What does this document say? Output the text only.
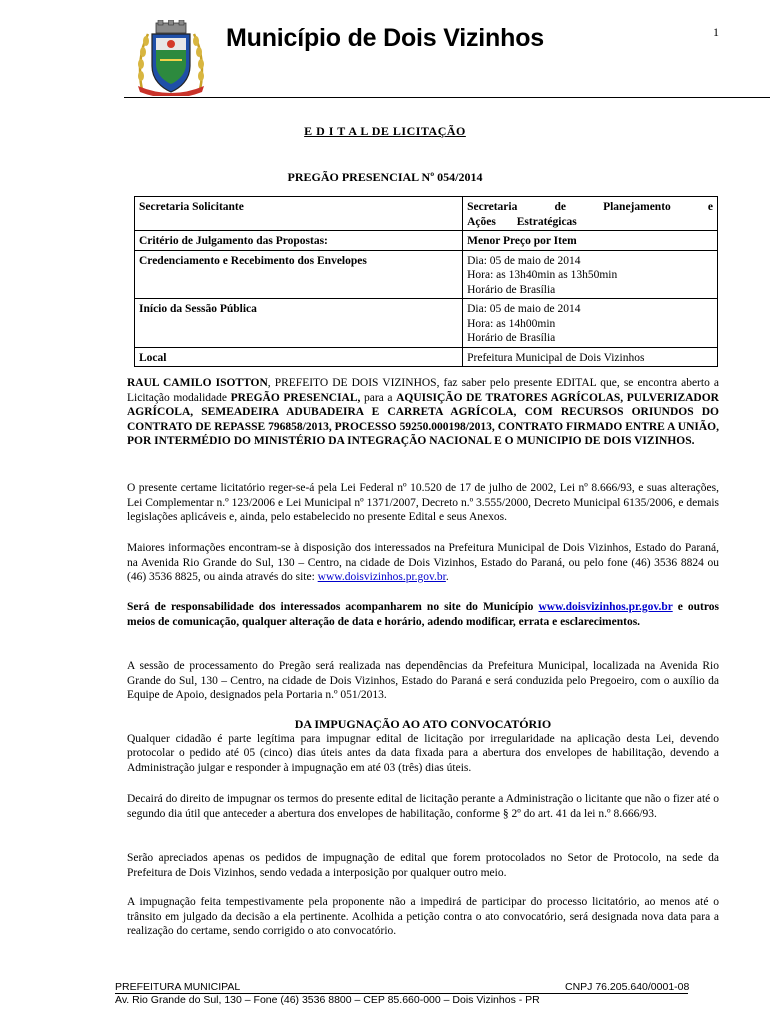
Município de Dois Vizinhos	1
E D I T A L DE LICITAÇÃO
PREGÃO PRESENCIAL Nº 054/2014
Secretaria Solicitante	Secretaria de Planejamento e Ações Estratégicas
Critério de Julgamento das Propostas:	Menor Preço por Item
Credenciamento e Recebimento dos Envelopes	Dia: 05 de maio de 2014
Hora: as 13h40min as 13h50min
Horário de Brasília

Início da Sessão Pública	Dia: 05 de maio de 2014
Hora: as 14h00min
Horário de Brasília

Local	Prefeitura Municipal de Dois Vizinhos

RAUL CAMILO ISOTTON, PREFEITO DE DOIS VIZINHOS, faz saber pelo presente EDITAL que, se encontra aberto a Licitação modalidade PREGÃO PRESENCIAL, para a AQUISIÇÃO DE TRATORES AGRÍCOLAS, PULVERIZADOR AGRÍCOLA, SEMEADEIRA ADUBADEIRA E CARRETA AGRÍCOLA, COM RECURSOS ORIUNDOS DO CONTRATO DE REPASSE 796858/2013, PROCESSO 59250.000198/2013, CONTRATO FIRMADO ENTRE A UNIÃO, POR INTERMÉDIO DO MINISTÉRIO DA INTEGRAÇÃO NACIONAL E O MUNICIPIO DE DOIS VIZINHOS.

O presente certame licitatório reger-se-á pela Lei Federal nº 10.520 de 17 de julho de 2002, Lei nº 8.666/93, e suas alterações, Lei Complementar n.º 123/2006 e Lei Municipal nº 1371/2007, Decreto n.º 3.555/2000, Decreto Municipal 6135/2006, e demais legislações aplicáveis e, ainda, pelo estabelecido no presente Edital e seus Anexos.

Maiores informações encontram-se à disposição dos interessados na Prefeitura Municipal de Dois Vizinhos, Estado do Paraná, na Avenida Rio Grande do Sul, 130 – Centro, na cidade de Dois Vizinhos, Estado do Paraná, ou pelo fone (46) 3536 8824 ou (46) 3536 8825, ou ainda através do site: www.doisvizinhos.pr.gov.br.

Será de responsabilidade dos interessados acompanharem no site do Município www.doisvizinhos.pr.gov.br e outros meios de comunicação, qualquer alteração de data e horário, adendo modificar, errata e esclarecimentos.

A sessão de processamento do Pregão será realizada nas dependências da Prefeitura Municipal, localizada na Avenida Rio Grande do Sul, 130 – Centro, na cidade de Dois Vizinhos, Estado do Paraná e será conduzida pelo Pregoeiro, com o auxílio da Equipe de Apoio, designados pela Portaria n.º 051/2013.

DA IMPUGNAÇÃO AO ATO CONVOCATÓRIO

Qualquer cidadão é parte legítima para impugnar edital de licitação por irregularidade na aplicação desta Lei, devendo protocolar o pedido até 05 (cinco) dias úteis antes da data fixada para a abertura dos envelopes de habilitação, devendo a Administração julgar e responder à impugnação em até 03 (três) dias úteis.

Decairá do direito de impugnar os termos do presente edital de licitação perante a Administração o licitante que não o fizer até o segundo dia útil que anteceder a abertura dos envelopes de habilitação, conforme § 2º do art. 41 da lei n.º 8.666/93.

Serão apreciados apenas os pedidos de impugnação de edital que forem protocolados no Setor de Protocolo, na sede da Prefeitura de Dois Vizinhos, sendo vedada a interposição por qualquer outro meio.

A impugnação feita tempestivamente pela proponente não a impedirá de participar do processo licitatório, ao menos até o trânsito em julgado da decisão a ela pertinente. Acolhida a petição contra o ato convocatório, será designada nova data para a realização do certame, sendo corrigido o ato convocatório.

PREFEITURA MUNICIPAL	CNPJ 76.205.640/0001-08
Av. Rio Grande do Sul, 130 – Fone (46) 3536 8800 – CEP 85.660-000 – Dois Vizinhos - PR
